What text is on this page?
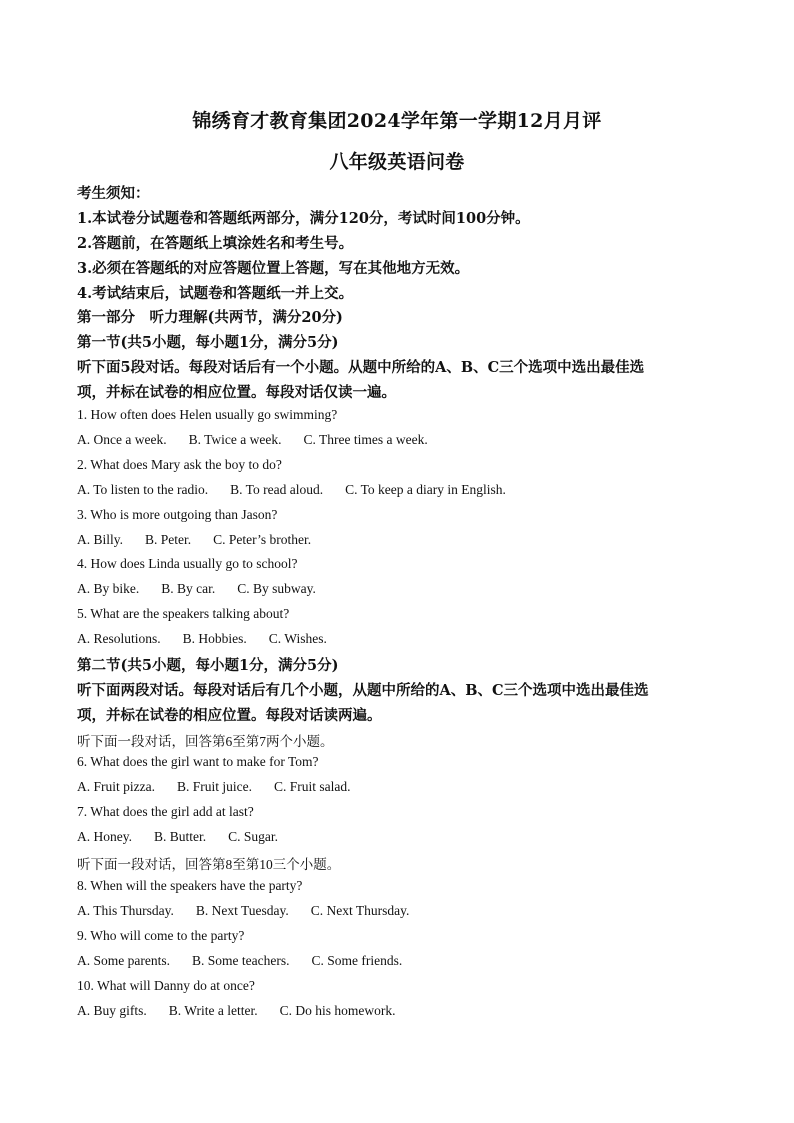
锦绣育才教育集团2024学年第一学期12月月评
八年级英语问卷
考生须知：
1.本试卷分试题卷和答题纸两部分，满分120分，考试时间100分钟。
2.答题前，在答题纸上填涂姓名和考生号。
3.必须在答题纸的对应答题位置上答题，写在其他地方无效。
4.考试结束后，试题卷和答题纸一并上交。
第一部分　听力理解(共两节，满分20分)
第一节(共5小题，每小题1分，满分5分)
听下面5段对话。每段对话后有一个小题。从题中所给的A、B、C三个选项中选出最佳选
项，并标在试卷的相应位置。每段对话仅读一遍。
1. How often does Helen usually go swimming?
A. Once a week. B. Twice a week. C. Three times a week.
2. What does Mary ask the boy to do?
A. To listen to the radio. B. To read aloud. C. To keep a diary in English.
3. Who is more outgoing than Jason?
A. Billy. B. Peter. C. Peter’s brother.
4. How does Linda usually go to school?
A. By bike. B. By car. C. By subway.
5. What are the speakers talking about?
A. Resolutions. B. Hobbies. C. Wishes.
第二节(共5小题，每小题1分，满分5分)
听下面两段对话。每段对话后有几个小题，从题中所给的A、B、C三个选项中选出最佳选
项，并标在试卷的相应位置。每段对话读两遍。
听下面一段对话，回答第6至第7两个小题。
6. What does the girl want to make for Tom?
A. Fruit pizza. B. Fruit juice. C. Fruit salad.
7. What does the girl add at last?
A. Honey. B. Butter. C. Sugar.
听下面一段对话，回答第8至第10三个小题。
8. When will the speakers have the party?
A. This Thursday. B. Next Tuesday. C. Next Thursday.
9. Who will come to the party?
A. Some parents. B. Some teachers. C. Some friends.
10. What will Danny do at once?
A. Buy gifts. B. Write a letter. C. Do his homework.
